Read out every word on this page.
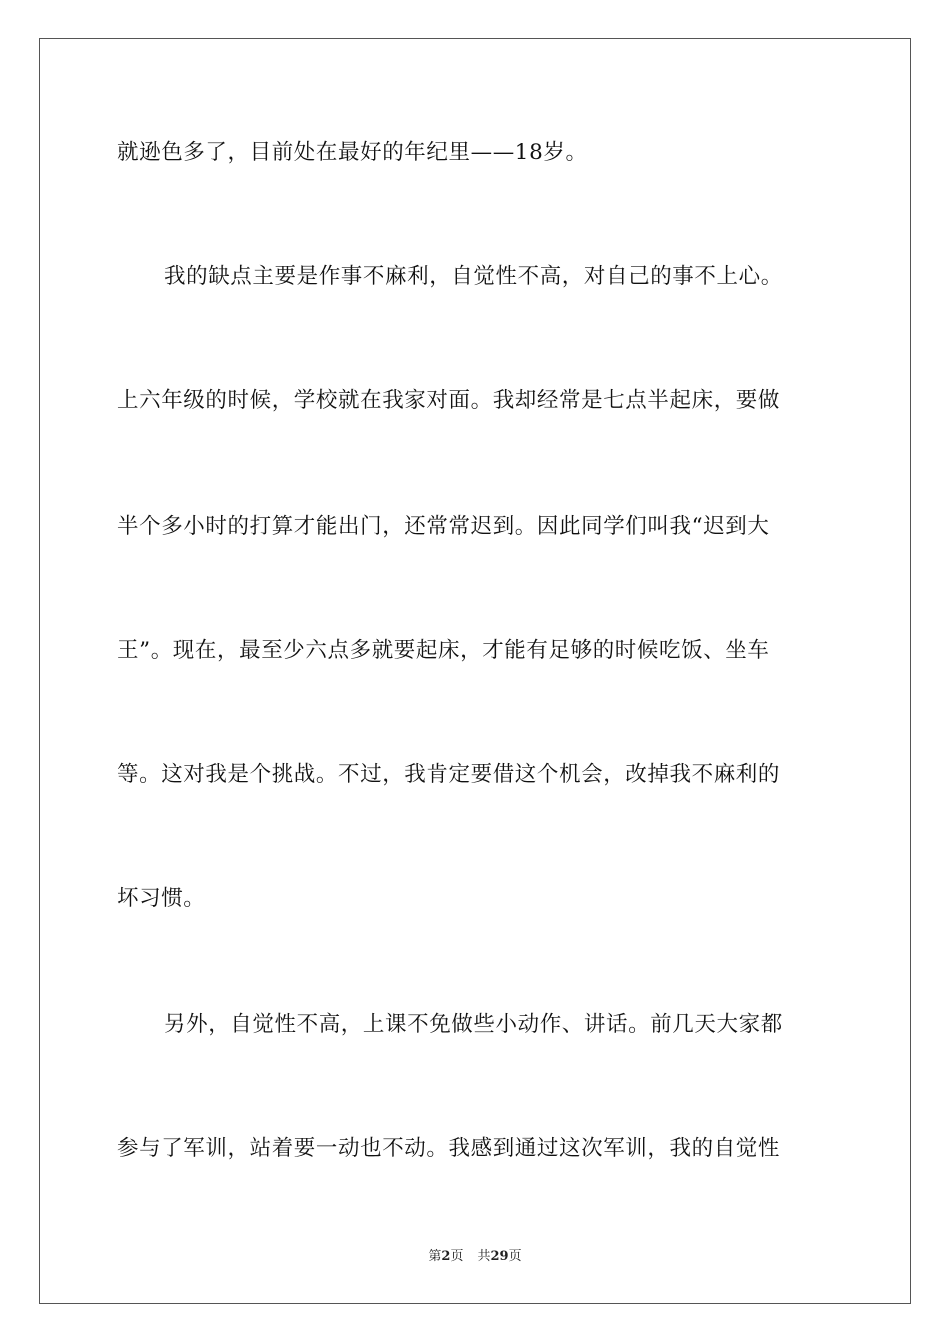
就逊色多了，目前处在最好的年纪里——18岁。
我的缺点主要是作事不麻利，自觉性不高，对自己的事不上心。
上六年级的时候，学校就在我家对面。我却经常是七点半起床，要做
半个多小时的打算才能出门，还常常迟到。因此同学们叫我“迟到大
王”。现在，最至少六点多就要起床，才能有足够的时候吃饭、坐车
等。这对我是个挑战。不过，我肯定要借这个机会，改掉我不麻利的
坏习惯。
另外，自觉性不高，上课不免做些小动作、讲话。前几天大家都
参与了军训，站着要一动也不动。我感到通过这次军训，我的自觉性
第2页 共29页
